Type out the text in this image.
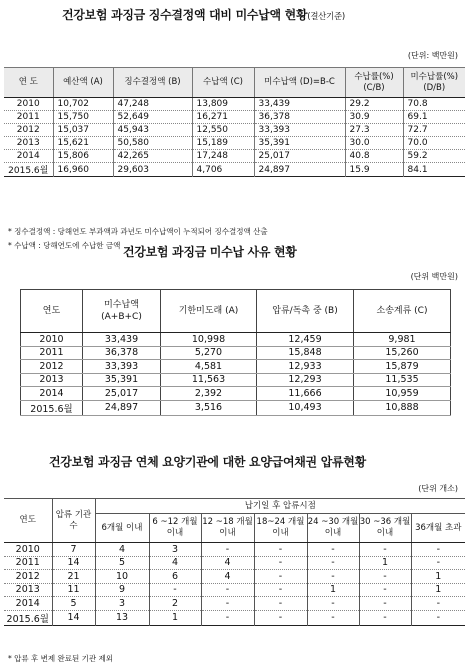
건강보험 과징금 징수결정액 대비 미수납액 현황(결산기준)
(단위: 백만원)
연 도	예산액 (A)	징수결정액 (B)	수납액 (C)	미수납액 (D)=B-C	수납률(%) (C/B)	미수납률(%) (D/B)
2010	10,702	47,248	13,809	33,439	29.2	70.8
2011	15,750	52,649	16,271	36,378	30.9	69.1
2012	15,037	45,943	12,550	33,393	27.3	72.7
2013	15,621	50,580	15,189	35,391	30.0	70.0
2014	15,806	42,265	17,248	25,017	40.8	59.2
2015.6월	16,960	29,603	4,706	24,897	15.9	84.1
* 징수결정액 : 당해연도 부과액과 과년도 미수납액이 누적되어 징수결정액 산출
* 수납액 : 당해연도에 수납한 금액 건강보험 과징금 미수납 사유 현황
(단위 백만원)
연도	미수납액 (A+B+C)	기한미도래 (A)	압류/독촉 중 (B)	소송계류 (C)
2010	33,439	10,998	12,459	9,981
2011	36,378	5,270	15,848	15,260
2012	33,393	4,581	12,933	15,879
2013	35,391	11,563	12,293	11,535
2014	25,017	2,392	11,666	10,959
2015.6월	24,897	3,516	10,493	10,888
건강보험 과징금 연체 요양기관에 대한 요양급여채권 압류현황
(단위 개소)
연도	압류 기관수	납기일 후 압류시점						
		6개월 이내	6 ~12 개월 이내	12 ~18 개월 이내	18~24 개월 이내	24 ~30 개월 이내	30 ~36 개월 이내	36개월 초과
2010	7	4	3	-	-	-	-	-
2011	14	5	4	4	-	-	1	-
2012	21	10	6	4	-	-	-	1
2013	11	9	-	-	-	1	-	1
2014	5	3	2	-	-	-	-	-
2015.6월	14	13	1	-	-	-	-	-
* 압류 후 변제 완료된 기관 제외
